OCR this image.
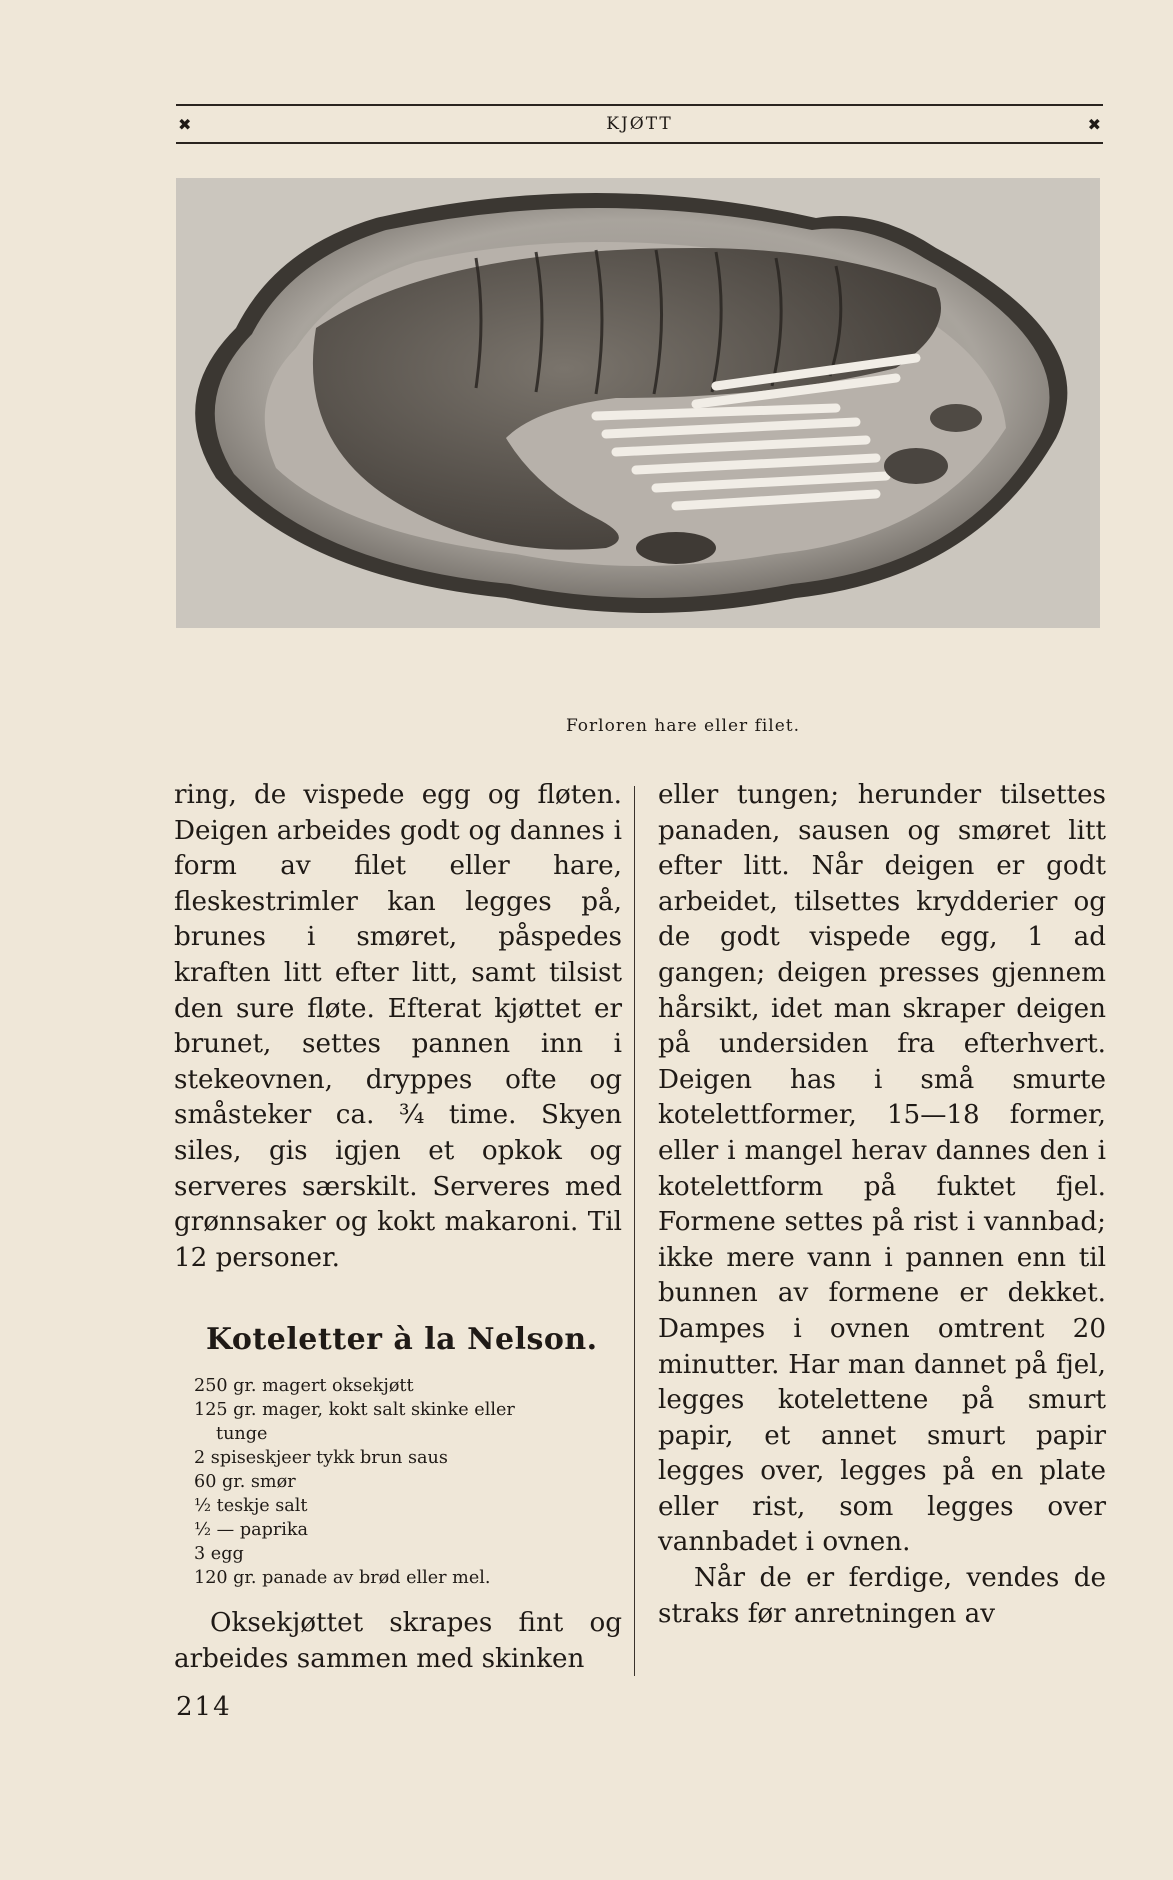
✖	KJØTT	✖
Forloren hare eller filet.

ring, de vispede egg og fløten. Deigen arbeides godt og dannes i form av filet eller hare, fleskestrimler kan legges på, brunes i smøret, påspedes kraften litt efter litt, samt tilsist den sure fløte. Efterat kjøttet er brunet, settes pannen inn i stekeovnen, dryppes ofte og småsteker ca. ¾ time. Skyen siles, gis igjen et opkok og serveres særskilt. Serveres med grønnsaker og kokt makaroni. Til 12 personer.

Koteletter à la Nelson.
250 gr. magert oksekjøtt
125 gr. mager, kokt salt skinke eller
tunge
2 spiseskjeer tykk brun saus
60 gr. smør
½ teskje salt
½ — paprika
3 egg
120 gr. panade av brød eller mel.

Oksekjøttet skrapes fint og arbeides sammen med skinken

eller tungen; herunder tilsettes panaden, sausen og smøret litt efter litt. Når deigen er godt arbeidet, tilsettes krydderier og de godt vispede egg, 1 ad gangen; deigen presses gjennem hårsikt, idet man skraper deigen på undersiden fra efterhvert. Deigen has i små smurte kotelettformer, 15—18 former, eller i mangel herav dannes den i kotelettform på fuktet fjel. Formene settes på rist i vannbad; ikke mere vann i pannen enn til bunnen av formene er dekket. Dampes i ovnen omtrent 20 minutter. Har man dannet på fjel, legges kotelettene på smurt papir, et annet smurt papir legges over, legges på en plate eller rist, som legges over vannbadet i ovnen.

Når de er ferdige, vendes de straks før anretningen av

214
